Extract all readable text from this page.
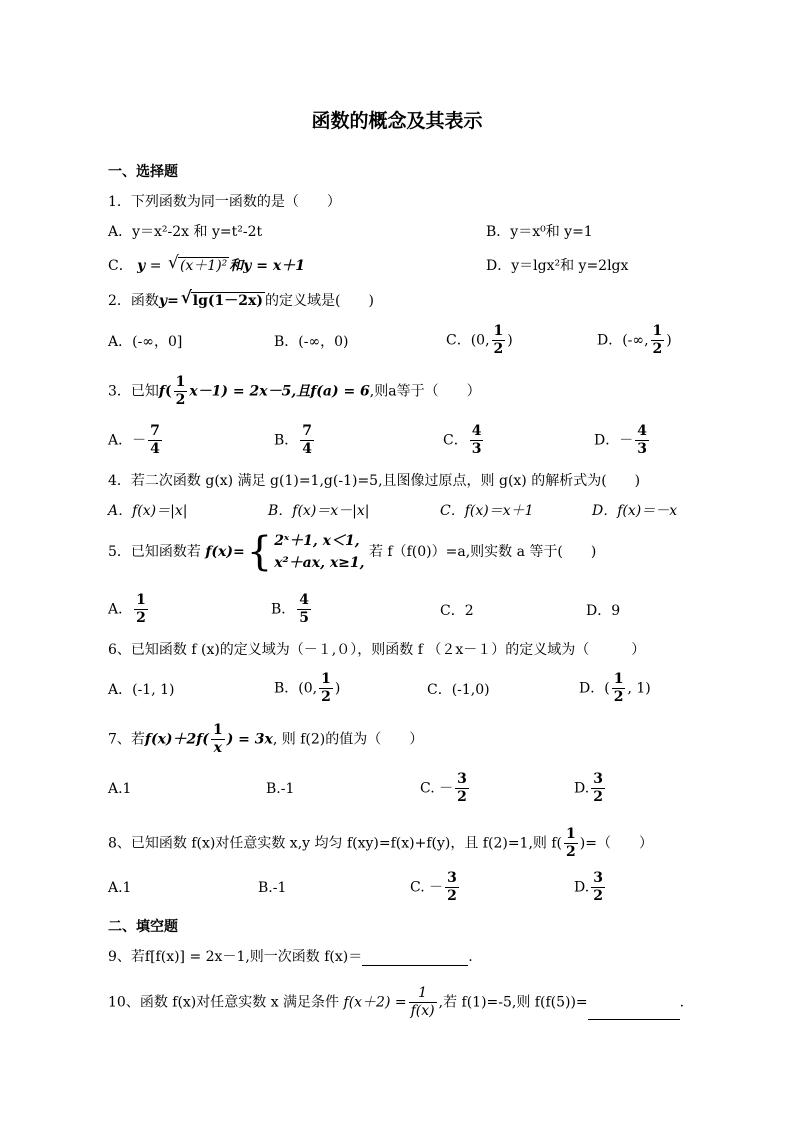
函数的概念及其表示
一、选择题
1．下列函数为同一函数的是（　　）
A．y＝x²-2x 和 y=t²-2t	B．y＝x⁰和 y=1
C． y = √ (x＋1)² 和y = x＋1	D．y＝lgx²和 y=2lgx
2．函数y= √ lg(1－2x) 的定义域是(　　)
A．(-∞，0]	B．(-∞，0)	C．(0, $\frac{1}{2}$ )	D．(-∞, $\frac{1}{2}$ )
3．已知$f( \frac{1}{2} x-1) = 2x-5$,且f(a) = 6,则a等于（　　）
A．－ $\frac{7}{4}$	B． $\frac{7}{4}$	C． $\frac{4}{3}$	D．－ $\frac{4}{3}$
4．若二次函数 g(x) 满足 g(1)=1,g(-1)=5,且图像过原点，则 g(x) 的解析式为(　　)
A．f(x)＝|x|	B．f(x)＝x－|x|	C．f(x)＝x＋1	D．f(x)＝－x
5．已知函数若 f(x)={ 2ˣ＋1, x＜1,
x²＋ax, x≥1,
若 f（f(0)）=a,则实数 a 等于(　　)
A． $\frac{1}{2}$	B． $\frac{4}{5}$	C．2	D．9
6、已知函数 f (x)的定义域为（－１,０），则函数 f （２x－１）的定义域为（　　　）
A．(-1, 1)	B．(0, $\frac{1}{2}$ )	C．(-1,0)	D．( $\frac{1}{2}$ , 1)
7、若$f(x)+2f( \frac{1}{x}$ ) = 3x, 则 f(2)的值为（　　）
A.1	B.-1	C. － $\frac{3}{2}$	D. $\frac{3}{2}$
8、已知函数 f(x)对任意实数 x,y 均匀 f(xy)=f(x)+f(y)，且 f(2)=1,则 $f( \frac{1}{2}$ )=（　　）
A.1	B.-1	C. － $\frac{3}{2}$	D. $\frac{3}{2}$
二、填空题
9、若f[f(x)] = 2x－1,则一次函数 f(x)＝	.
10、函数 f(x)对任意实数 x 满足条件 $f(x+2) = \frac{1}{f(x)}$ ,若 f(1)=-5,则 f(f(5))=	.
